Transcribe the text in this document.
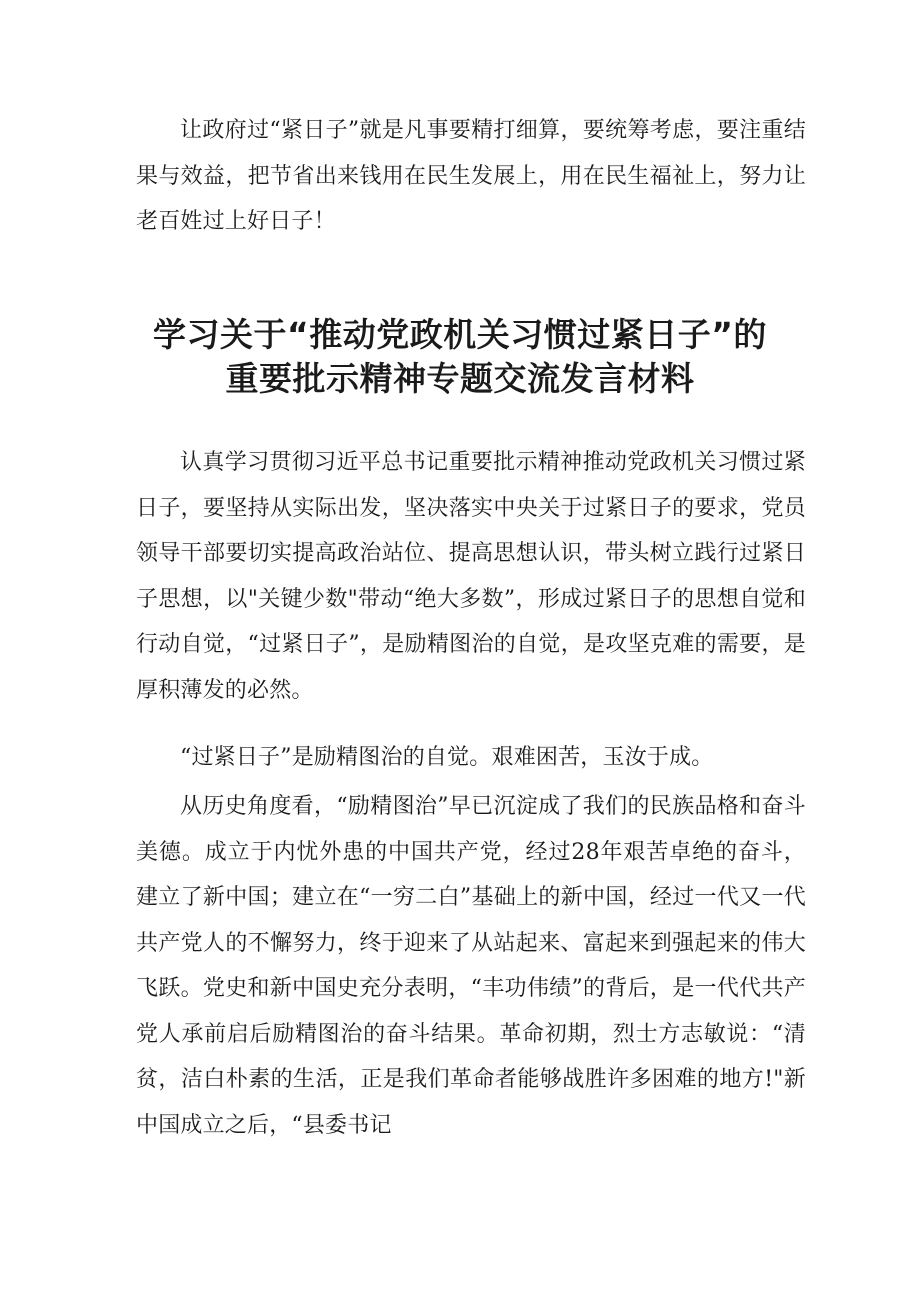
让政府过“紧日子”就是凡事要精打细算，要统筹考虑，要注重结果与效益，把节省出来钱用在民生发展上，用在民生福祉上，努力让老百姓过上好日子！

学习关于“推动党政机关习惯过紧日子”的
重要批示精神专题交流发言材料

认真学习贯彻习近平总书记重要批示精神推动党政机关习惯过紧日子，要坚持从实际出发，坚决落实中央关于过紧日子的要求，党员领导干部要切实提高政治站位、提高思想认识，带头树立践行过紧日子思想，以"关键少数"带动“绝大多数”，形成过紧日子的思想自觉和行动自觉，“过紧日子”，是励精图治的自觉，是攻坚克难的需要，是厚积薄发的必然。

“过紧日子”是励精图治的自觉。艰难困苦，玉汝于成。

从历史角度看，“励精图治”早已沉淀成了我们的民族品格和奋斗美德。成立于内忧外患的中国共产党，经过28年艰苦卓绝的奋斗，建立了新中国；建立在“一穷二白”基础上的新中国，经过一代又一代共产党人的不懈努力，终于迎来了从站起来、富起来到强起来的伟大飞跃。党史和新中国史充分表明，“丰功伟绩”的背后，是一代代共产党人承前启后励精图治的奋斗结果。革命初期，烈士方志敏说：“清贫，洁白朴素的生活，正是我们革命者能够战胜许多困难的地方!"新中国成立之后，“县委书记
